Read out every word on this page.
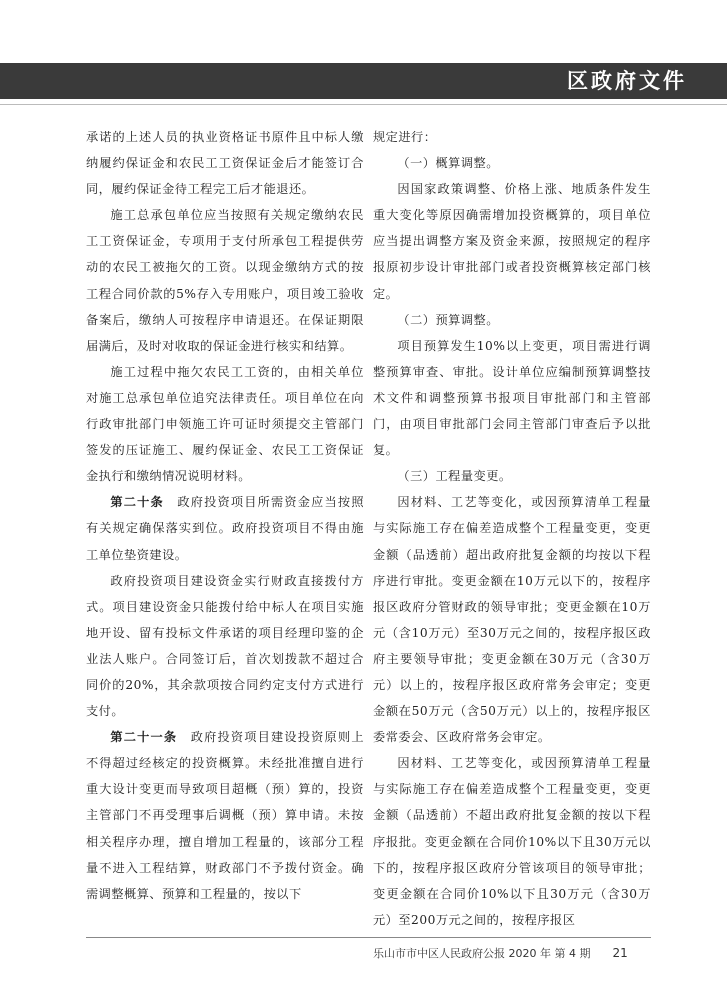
区政府文件

承诺的上述人员的执业资格证书原件且中标人缴纳履约保证金和农民工工资保证金后才能签订合同，履约保证金待工程完工后才能退还。

施工总承包单位应当按照有关规定缴纳农民工工资保证金，专项用于支付所承包工程提供劳动的农民工被拖欠的工资。以现金缴纳方式的按工程合同价款的5%存入专用账户，项目竣工验收备案后，缴纳人可按程序申请退还。在保证期限届满后，及时对收取的保证金进行核实和结算。

施工过程中拖欠农民工工资的，由相关单位对施工总承包单位追究法律责任。项目单位在向行政审批部门申领施工许可证时须提交主管部门签发的压证施工、履约保证金、农民工工资保证金执行和缴纳情况说明材料。

第二十条  政府投资项目所需资金应当按照有关规定确保落实到位。政府投资项目不得由施工单位垫资建设。

政府投资项目建设资金实行财政直接拨付方式。项目建设资金只能拨付给中标人在项目实施地开设、留有投标文件承诺的项目经理印鉴的企业法人账户。合同签订后，首次划拨款不超过合同价的20%，其余款项按合同约定支付方式进行支付。

第二十一条  政府投资项目建设投资原则上不得超过经核定的投资概算。未经批准擅自进行重大设计变更而导致项目超概（预）算的，投资主管部门不再受理事后调概（预）算申请。未按相关程序办理，擅自增加工程量的，该部分工程量不进入工程结算，财政部门不予拨付资金。确需调整概算、预算和工程量的，按以下

规定进行：

（一）概算调整。

因国家政策调整、价格上涨、地质条件发生重大变化等原因确需增加投资概算的，项目单位应当提出调整方案及资金来源，按照规定的程序报原初步设计审批部门或者投资概算核定部门核定。

（二）预算调整。

项目预算发生10%以上变更，项目需进行调整预算审查、审批。设计单位应编制预算调整技术文件和调整预算书报项目审批部门和主管部门，由项目审批部门会同主管部门审查后予以批复。

（三）工程量变更。

因材料、工艺等变化，或因预算清单工程量与实际施工存在偏差造成整个工程量变更，变更金额（品透前）超出政府批复金额的均按以下程序进行审批。变更金额在10万元以下的，按程序报区政府分管财政的领导审批；变更金额在10万元（含10万元）至30万元之间的，按程序报区政府主要领导审批；变更金额在30万元（含30万元）以上的，按程序报区政府常务会审定；变更金额在50万元（含50万元）以上的，按程序报区委常委会、区政府常务会审定。

因材料、工艺等变化，或因预算清单工程量与实际施工存在偏差造成整个工程量变更，变更金额（品透前）不超出政府批复金额的按以下程序报批。变更金额在合同价10%以下且30万元以下的，按程序报区政府分管该项目的领导审批；变更金额在合同价10%以下且30万元（含30万元）至200万元之间的，按程序报区

乐山市市中区人民政府公报 2020 年 第 4 期 21
